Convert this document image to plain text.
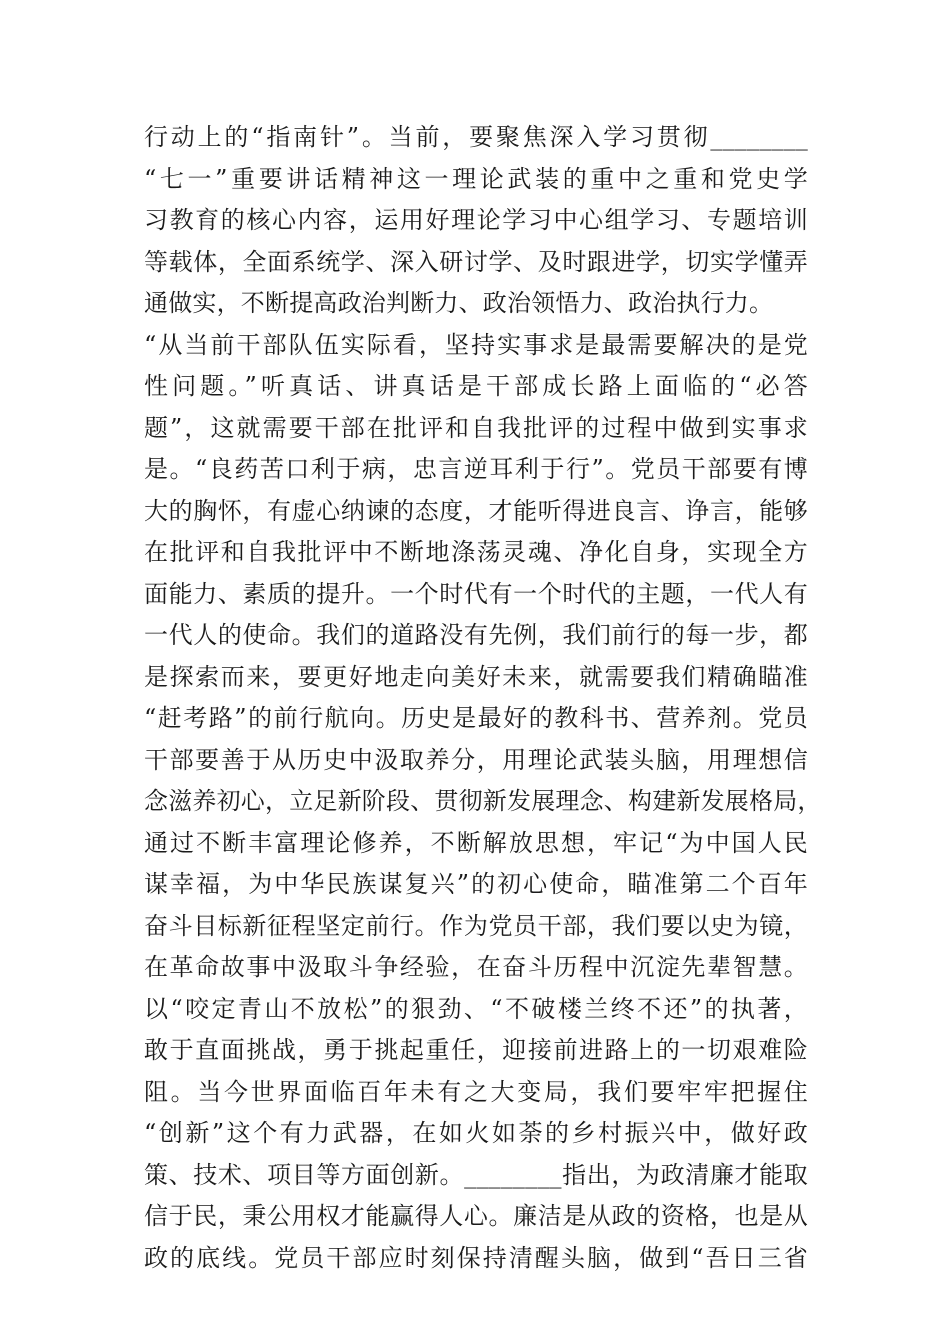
行动上的“指南针”。当前，要聚焦深入学习贯彻________
“七一”重要讲话精神这一理论武装的重中之重和党史学
习教育的核心内容，运用好理论学习中心组学习、专题培训
等载体，全面系统学、深入研讨学、及时跟进学，切实学懂弄
通做实，不断提高政治判断力、政治领悟力、政治执行力。
“从当前干部队伍实际看，坚持实事求是最需要解决的是党
性问题。”听真话、讲真话是干部成长路上面临的“必答
题”，这就需要干部在批评和自我批评的过程中做到实事求
是。“良药苦口利于病，忠言逆耳利于行”。党员干部要有博
大的胸怀，有虚心纳谏的态度，才能听得进良言、诤言，能够
在批评和自我批评中不断地涤荡灵魂、净化自身，实现全方
面能力、素质的提升。一个时代有一个时代的主题，一代人有
一代人的使命。我们的道路没有先例，我们前行的每一步，都
是探索而来，要更好地走向美好未来，就需要我们精确瞄准
“赶考路”的前行航向。历史是最好的教科书、营养剂。党员
干部要善于从历史中汲取养分，用理论武装头脑，用理想信
念滋养初心，立足新阶段、贯彻新发展理念、构建新发展格局，
通过不断丰富理论修养，不断解放思想，牢记“为中国人民
谋幸福，为中华民族谋复兴”的初心使命，瞄准第二个百年
奋斗目标新征程坚定前行。作为党员干部，我们要以史为镜，
在革命故事中汲取斗争经验，在奋斗历程中沉淀先辈智慧。
以“咬定青山不放松”的狠劲、“不破楼兰终不还”的执著，
敢于直面挑战，勇于挑起重任，迎接前进路上的一切艰难险
阻。当今世界面临百年未有之大变局，我们要牢牢把握住
“创新”这个有力武器，在如火如荼的乡村振兴中，做好政
策、技术、项目等方面创新。________指出，为政清廉才能取
信于民，秉公用权才能赢得人心。廉洁是从政的资格，也是从
政的底线。党员干部应时刻保持清醒头脑，做到“吾日三省
